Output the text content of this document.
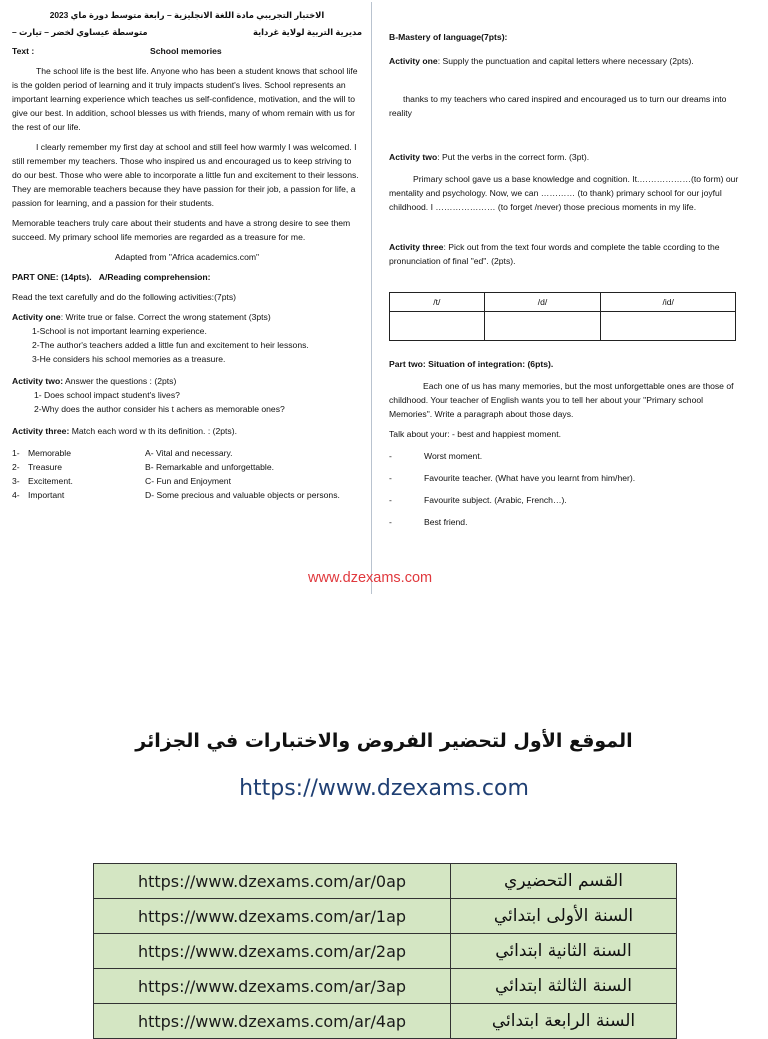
الاختبار التجريبي مادة اللغة الانجليزية – رابعة متوسط دورة ماي 2023
مديرية التربية لولاية غرداية
متوسطة عيساوي لخضر – تيارت –
Text :	School memories

The school life is the best life. Anyone who has been a student knows that school life is the golden period of learning and it truly impacts student's lives. School represents an important learning experience which teaches us self-confidence, motivation, and the will to give our best. In addition, school blesses us with friends, many of whom remain with us for the rest of our life.

I clearly remember my first day at school and still feel how warmly I was welcomed. I still remember my teachers. Those who inspired us and encouraged us to keep striving to do our best. Those who were able to incorporate a little fun and excitement to their lessons. They are memorable teachers because they have passion for their job, a passion for life, a passion for learning, and a passion for their students.

Memorable teachers truly care about their students and have a strong desire to see them succeed. My primary school life memories are regarded as a treasure for me.

Adapted from "Africa academics.com"

PART ONE: (14pts). A/Reading comprehension:

Read the text carefully and do the following activities:(7pts)

Activity one: Write true or false. Correct the wrong statement (3pts)
1-School is not important learning experience.
2-The author's teachers added a little fun and excitement to heir lessons.
3-He considers his school memories as a treasure.
Activity two: Answer the questions : (2pts)
1- Does school impact student's lives?
2-Why does the author consider his t achers as memorable ones?
Activity three: Match each word w th its definition. : (2pts).
1- Memorable	A- Vital and necessary.
2- Treasure	B- Remarkable and unforgettable.
3- Excitement.	C- Fun and Enjoyment
4- Important	D- Some precious and valuable objects or persons.

B-Mastery of language(7pts):

Activity one: Supply the punctuation and capital letters where necessary (2pts).

thanks to my teachers who cared inspired and encouraged us to turn our dreams into reality

Activity two: Put the verbs in the correct form. (3pt).

Primary school gave us a base knowledge and cognition. It.………………(to form) our mentality and psychology. Now, we can ………… (to thank) primary school for our joyful childhood. I ………………… (to forget /never) those precious moments in my life.

Activity three: Pick out from the text four words and complete the table ccording to the pronunciation of final "ed". (2pts).

/t/	/d/	/id/

Part two: Situation of integration: (6pts).

Each one of us has many memories, but the most unforgettable ones are those of childhood. Your teacher of English wants you to tell her about your "Primary school Memories". Write a paragraph about those days.

Talk about your: - best and happiest moment.

-	Worst moment.
-	Favourite teacher. (What have you learnt from him/her).
-	Favourite subject. (Arabic, French…).
-	Best friend.
www.dzexams.com
الموقع الأول لتحضير الفروض والاختبارات في الجزائر
https://www.dzexams.com
https://www.dzexams.com/ar/0ap	القسم التحضيري
https://www.dzexams.com/ar/1ap	السنة الأولى ابتدائي
https://www.dzexams.com/ar/2ap	السنة الثانية ابتدائي
https://www.dzexams.com/ar/3ap	السنة الثالثة ابتدائي
https://www.dzexams.com/ar/4ap	السنة الرابعة ابتدائي
